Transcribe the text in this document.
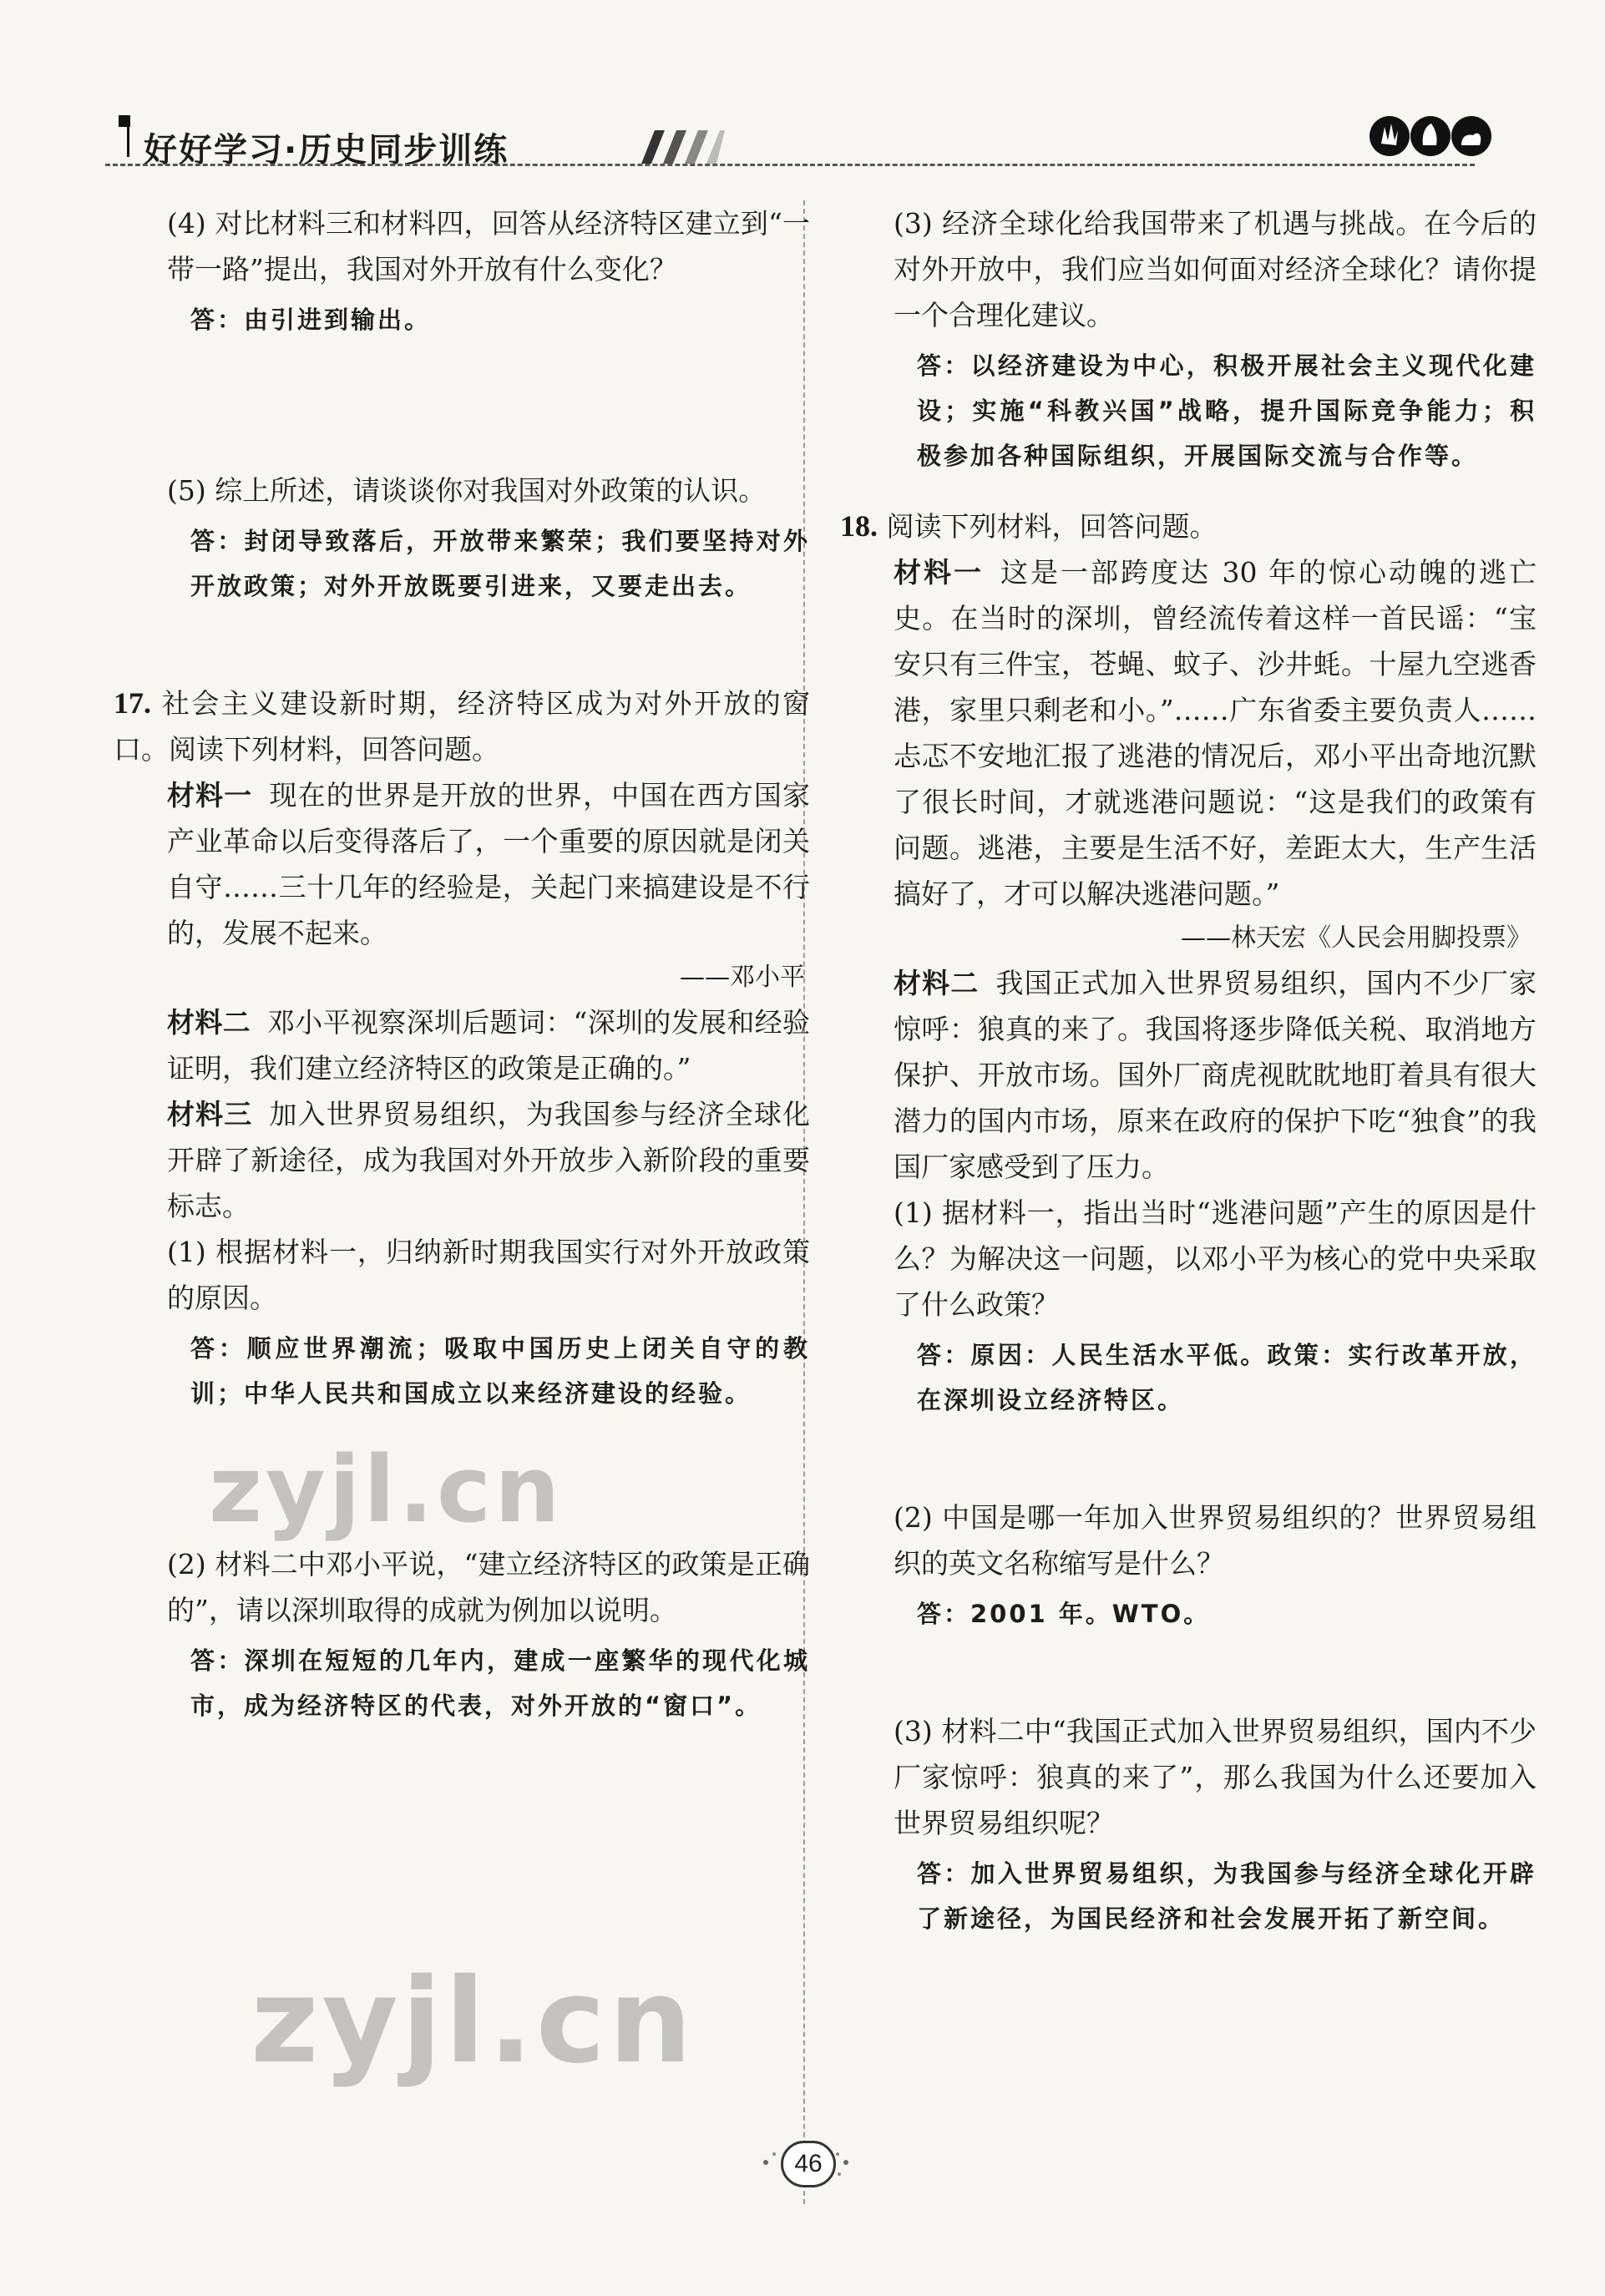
好好学习·历史同步训练

(4) 对比材料三和材料四，回答从经济特区建立到“一带一路”提出，我国对外开放有什么变化？

答：由引进到输出。

(5) 综上所述，请谈谈你对我国对外政策的认识。

答：封闭导致落后，开放带来繁荣；我们要坚持对外开放政策；对外开放既要引进来，又要走出去。

17. 社会主义建设新时期，经济特区成为对外开放的窗口。阅读下列材料，回答问题。

材料一 现在的世界是开放的世界，中国在西方国家产业革命以后变得落后了，一个重要的原因就是闭关自守……三十几年的经验是，关起门来搞建设是不行的，发展不起来。

——邓小平

材料二 邓小平视察深圳后题词：“深圳的发展和经验证明，我们建立经济特区的政策是正确的。”

材料三 加入世界贸易组织，为我国参与经济全球化开辟了新途径，成为我国对外开放步入新阶段的重要标志。

(1) 根据材料一，归纳新时期我国实行对外开放政策的原因。

答：顺应世界潮流；吸取中国历史上闭关自守的教训；中华人民共和国成立以来经济建设的经验。

(2) 材料二中邓小平说，“建立经济特区的政策是正确的”，请以深圳取得的成就为例加以说明。

答：深圳在短短的几年内，建成一座繁华的现代化城市，成为经济特区的代表，对外开放的“窗口”。

(3) 经济全球化给我国带来了机遇与挑战。在今后的对外开放中，我们应当如何面对经济全球化？请你提一个合理化建议。

答：以经济建设为中心，积极开展社会主义现代化建设；实施“科教兴国”战略，提升国际竞争能力；积极参加各种国际组织，开展国际交流与合作等。

18. 阅读下列材料，回答问题。

材料一 这是一部跨度达 30 年的惊心动魄的逃亡史。在当时的深圳，曾经流传着这样一首民谣：“宝安只有三件宝，苍蝇、蚊子、沙井蚝。十屋九空逃香港，家里只剩老和小。”……广东省委主要负责人……忐忑不安地汇报了逃港的情况后，邓小平出奇地沉默了很长时间，才就逃港问题说：“这是我们的政策有问题。逃港，主要是生活不好，差距太大，生产生活搞好了，才可以解决逃港问题。”

——林天宏《人民会用脚投票》

材料二 我国正式加入世界贸易组织，国内不少厂家惊呼：狼真的来了。我国将逐步降低关税、取消地方保护、开放市场。国外厂商虎视眈眈地盯着具有很大潜力的国内市场，原来在政府的保护下吃“独食”的我国厂家感受到了压力。

(1) 据材料一，指出当时“逃港问题”产生的原因是什么？为解决这一问题，以邓小平为核心的党中央采取了什么政策？

答：原因：人民生活水平低。政策：实行改革开放，在深圳设立经济特区。

(2) 中国是哪一年加入世界贸易组织的？世界贸易组织的英文名称缩写是什么？

答：2001 年。WTO。

(3) 材料二中“我国正式加入世界贸易组织，国内不少厂家惊呼：狼真的来了”，那么我国为什么还要加入世界贸易组织呢？

答：加入世界贸易组织，为我国参与经济全球化开辟了新途径，为国民经济和社会发展开拓了新空间。

zyjl.cn
zyjl.cn
46
